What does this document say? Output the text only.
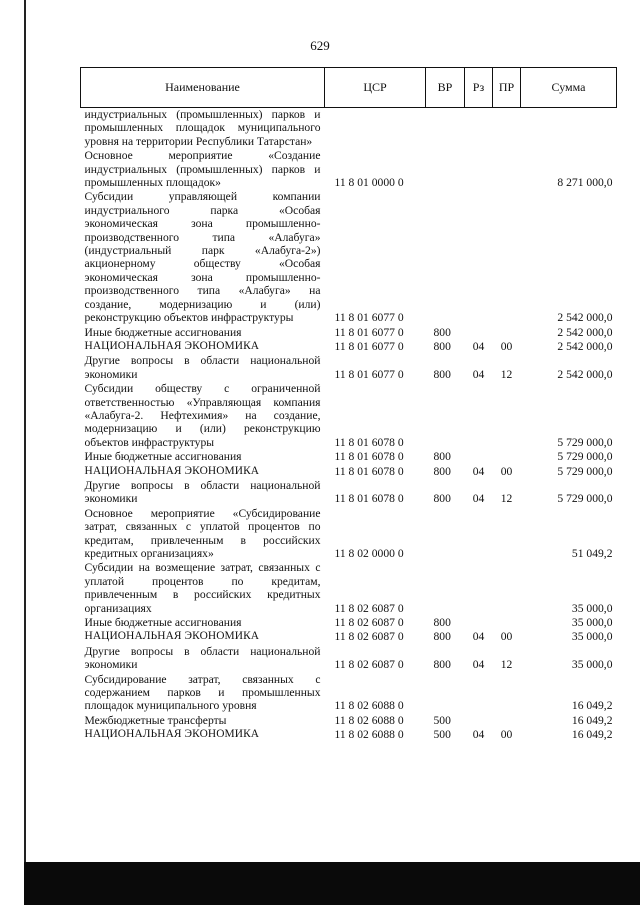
629
Наименование	ЦСР	ВР	Рз	ПР	Сумма

индустриальных (промышленных) парков и промышленных площадок муниципального уровня на территории Республики Татарстан»					

Основное мероприятие «Создание индустриальных (промышленных) парков и промышленных площадок»	11 8 01 0000 0				8 271 000,0

Субсидии управляющей компании индустриального парка «Особая экономическая зона промышленно-производственного типа «Алабуга» (индустриальный парк «Алабуга-2») акционерному обществу «Особая экономическая зона промышленно-производственного типа «Алабуга» на создание, модернизацию и (или) реконструкцию объектов инфраструктуры	11 8 01 6077 0				2 542 000,0

Иные бюджетные ассигнования	11 8 01 6077 0	800			2 542 000,0

НАЦИОНАЛЬНАЯ ЭКОНОМИКА	11 8 01 6077 0	800	04	00	2 542 000,0

Другие вопросы в области национальной экономики	11 8 01 6077 0	800	04	12	2 542 000,0

Субсидии обществу с ограниченной ответственностью «Управляющая компания «Алабуга-2. Нефтехимия» на создание, модернизацию и (или) реконструкцию объектов инфраструктуры	11 8 01 6078 0				5 729 000,0

Иные бюджетные ассигнования	11 8 01 6078 0	800			5 729 000,0

НАЦИОНАЛЬНАЯ ЭКОНОМИКА	11 8 01 6078 0	800	04	00	5 729 000,0

Другие вопросы в области национальной экономики	11 8 01 6078 0	800	04	12	5 729 000,0

Основное мероприятие «Субсидирование затрат, связанных с уплатой процентов по кредитам, привлеченным в российских кредитных организациях»	11 8 02 0000 0				51 049,2

Субсидии на возмещение затрат, связанных с уплатой процентов по кредитам, привлеченным в российских кредитных организациях	11 8 02 6087 0				35 000,0

Иные бюджетные ассигнования	11 8 02 6087 0	800			35 000,0

НАЦИОНАЛЬНАЯ ЭКОНОМИКА	11 8 02 6087 0	800	04	00	35 000,0

Другие вопросы в области национальной экономики	11 8 02 6087 0	800	04	12	35 000,0

Субсидирование затрат, связанных с содержанием парков и промышленных площадок муниципального уровня	11 8 02 6088 0				16 049,2

Межбюджетные трансферты	11 8 02 6088 0	500			16 049,2

НАЦИОНАЛЬНАЯ ЭКОНОМИКА	11 8 02 6088 0	500	04	00	16 049,2
